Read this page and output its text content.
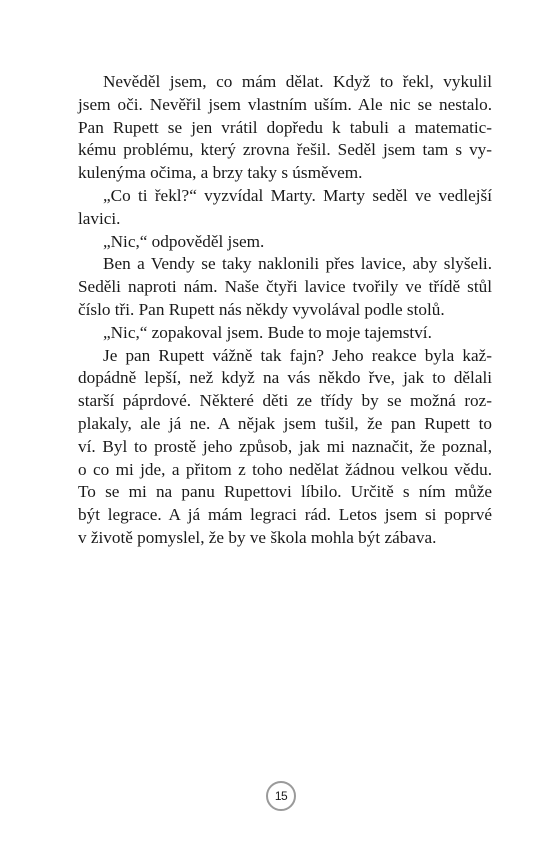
Nevěděl jsem, co mám dělat. Když to řekl, vykulil
jsem oči. Nevěřil jsem vlastním uším. Ale nic se nestalo.
Pan Rupett se jen vrátil dopředu k tabuli a matematic-
kému problému, který zrovna řešil. Seděl jsem tam s vy-
kulenýma očima, a brzy taky s úsměvem.
„Co ti řekl?“ vyzvídal Marty. Marty seděl ve vedlejší
lavici.
„Nic,“ odpověděl jsem.
Ben a Vendy se taky naklonili přes lavice, aby slyšeli.
Seděli naproti nám. Naše čtyři lavice tvořily ve třídě stůl
číslo tři. Pan Rupett nás někdy vyvolával podle stolů.
„Nic,“ zopakoval jsem. Bude to moje tajemství.
Je pan Rupett vážně tak fajn? Jeho reakce byla kaž-
dopádně lepší, než když na vás někdo řve, jak to dělali
starší páprdové. Některé děti ze třídy by se možná roz-
plakaly, ale já ne. A nějak jsem tušil, že pan Rupett to
ví. Byl to prostě jeho způsob, jak mi naznačit, že poznal,
o co mi jde, a přitom z toho nedělat žádnou velkou vědu.
To se mi na panu Rupettovi líbilo. Určitě s ním může
být legrace. A já mám legraci rád. Letos jsem si poprvé
v životě pomyslel, že by ve škola mohla být zábava.
15
